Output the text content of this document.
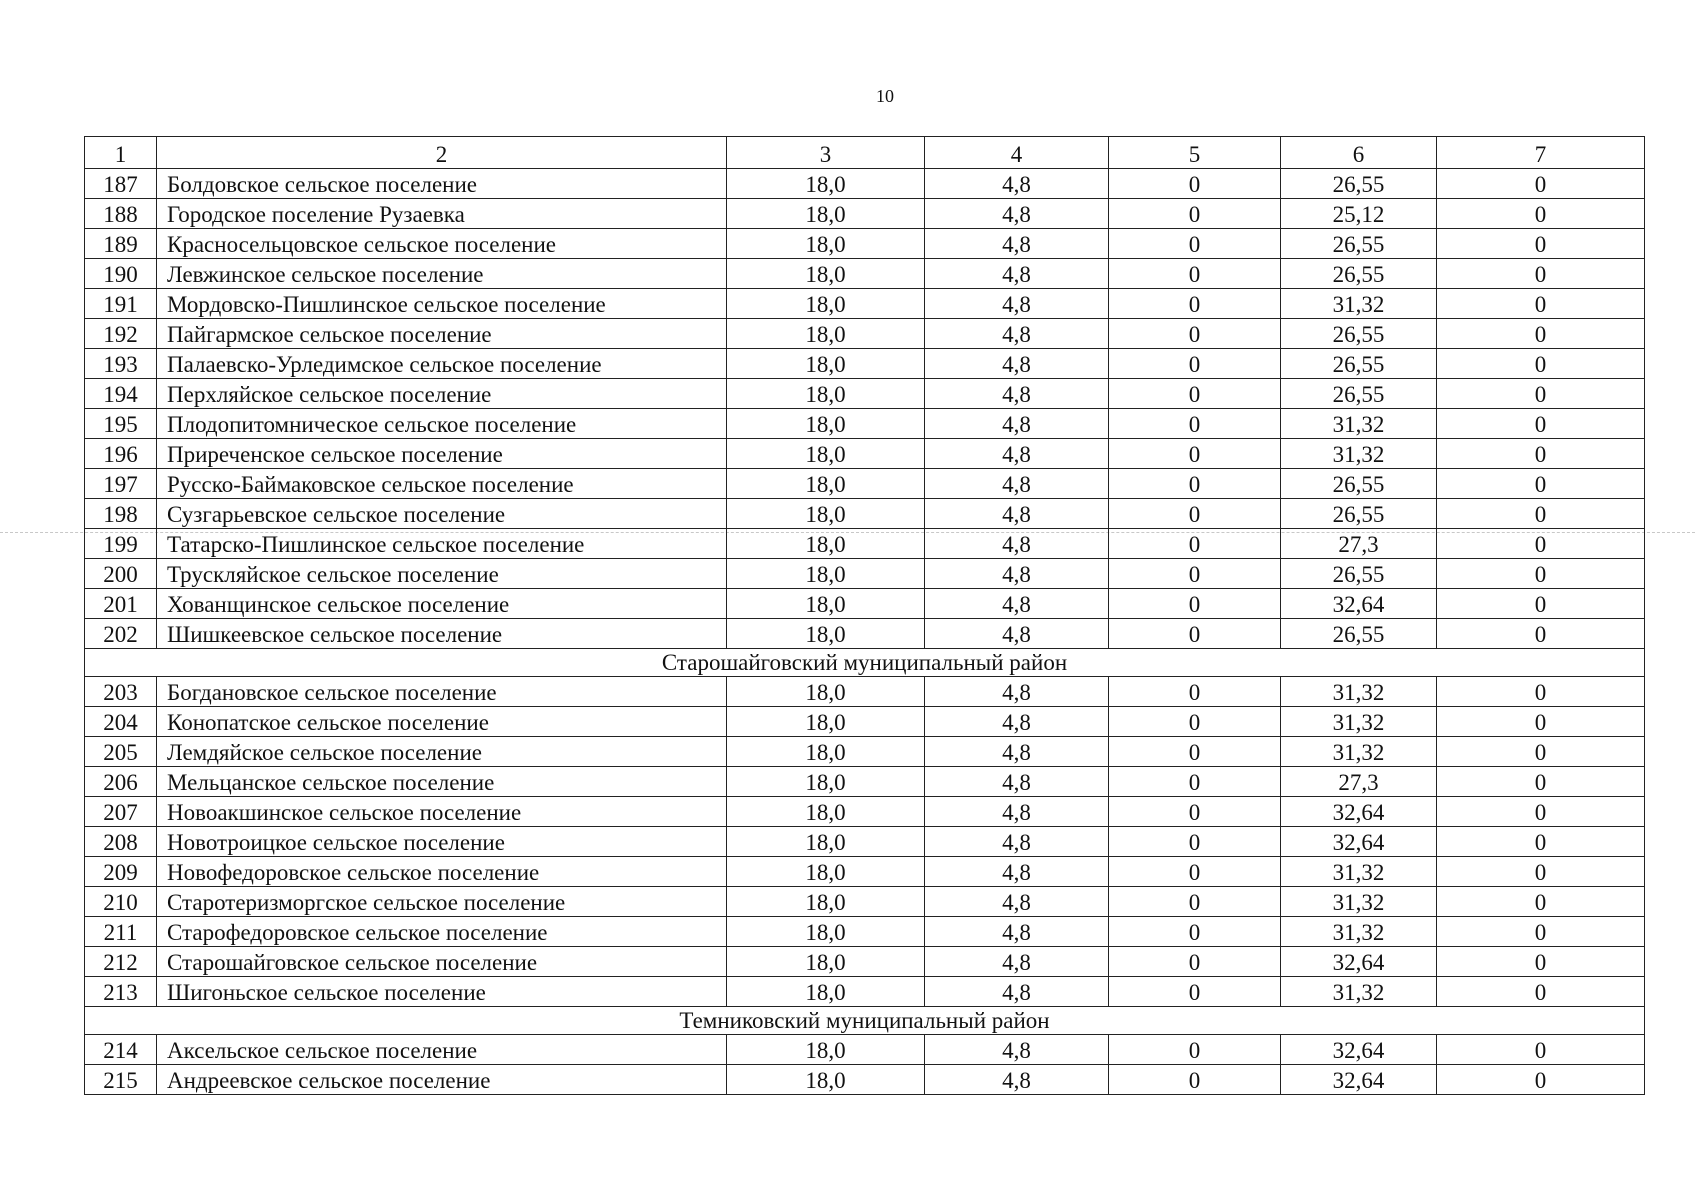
10
1	2	3	4	5	6	7
187	Болдовское сельское поселение	18,0	4,8	0	26,55	0
188	Городское поселение Рузаевка	18,0	4,8	0	25,12	0
189	Красносельцовское сельское поселение	18,0	4,8	0	26,55	0
190	Левжинское сельское поселение	18,0	4,8	0	26,55	0
191	Мордовско-Пишлинское сельское поселение	18,0	4,8	0	31,32	0
192	Пайгармское сельское поселение	18,0	4,8	0	26,55	0
193	Палаевско-Урледимское сельское поселение	18,0	4,8	0	26,55	0
194	Перхляйское сельское поселение	18,0	4,8	0	26,55	0
195	Плодопитомническое сельское поселение	18,0	4,8	0	31,32	0
196	Приреченское сельское поселение	18,0	4,8	0	31,32	0
197	Русско-Баймаковское сельское поселение	18,0	4,8	0	26,55	0
198	Сузгарьевское сельское поселение	18,0	4,8	0	26,55	0
199	Татарско-Пишлинское сельское поселение	18,0	4,8	0	27,3	0
200	Трускляйское сельское поселение	18,0	4,8	0	26,55	0
201	Хованщинское сельское поселение	18,0	4,8	0	32,64	0
202	Шишкеевское сельское поселение	18,0	4,8	0	26,55	0
Старошайговский муниципальный район						
203	Богдановское сельское поселение	18,0	4,8	0	31,32	0
204	Конопатское сельское поселение	18,0	4,8	0	31,32	0
205	Лемдяйское сельское поселение	18,0	4,8	0	31,32	0
206	Мельцанское сельское поселение	18,0	4,8	0	27,3	0
207	Новоакшинское сельское поселение	18,0	4,8	0	32,64	0
208	Новотроицкое сельское поселение	18,0	4,8	0	32,64	0
209	Новофедоровское сельское поселение	18,0	4,8	0	31,32	0
210	Старотеризморгское сельское поселение	18,0	4,8	0	31,32	0
211	Старофедоровское сельское поселение	18,0	4,8	0	31,32	0
212	Старошайговское сельское поселение	18,0	4,8	0	32,64	0
213	Шигоньское сельское поселение	18,0	4,8	0	31,32	0
Темниковский муниципальный район						
214	Аксельское сельское поселение	18,0	4,8	0	32,64	0
215	Андреевское сельское поселение	18,0	4,8	0	32,64	0
